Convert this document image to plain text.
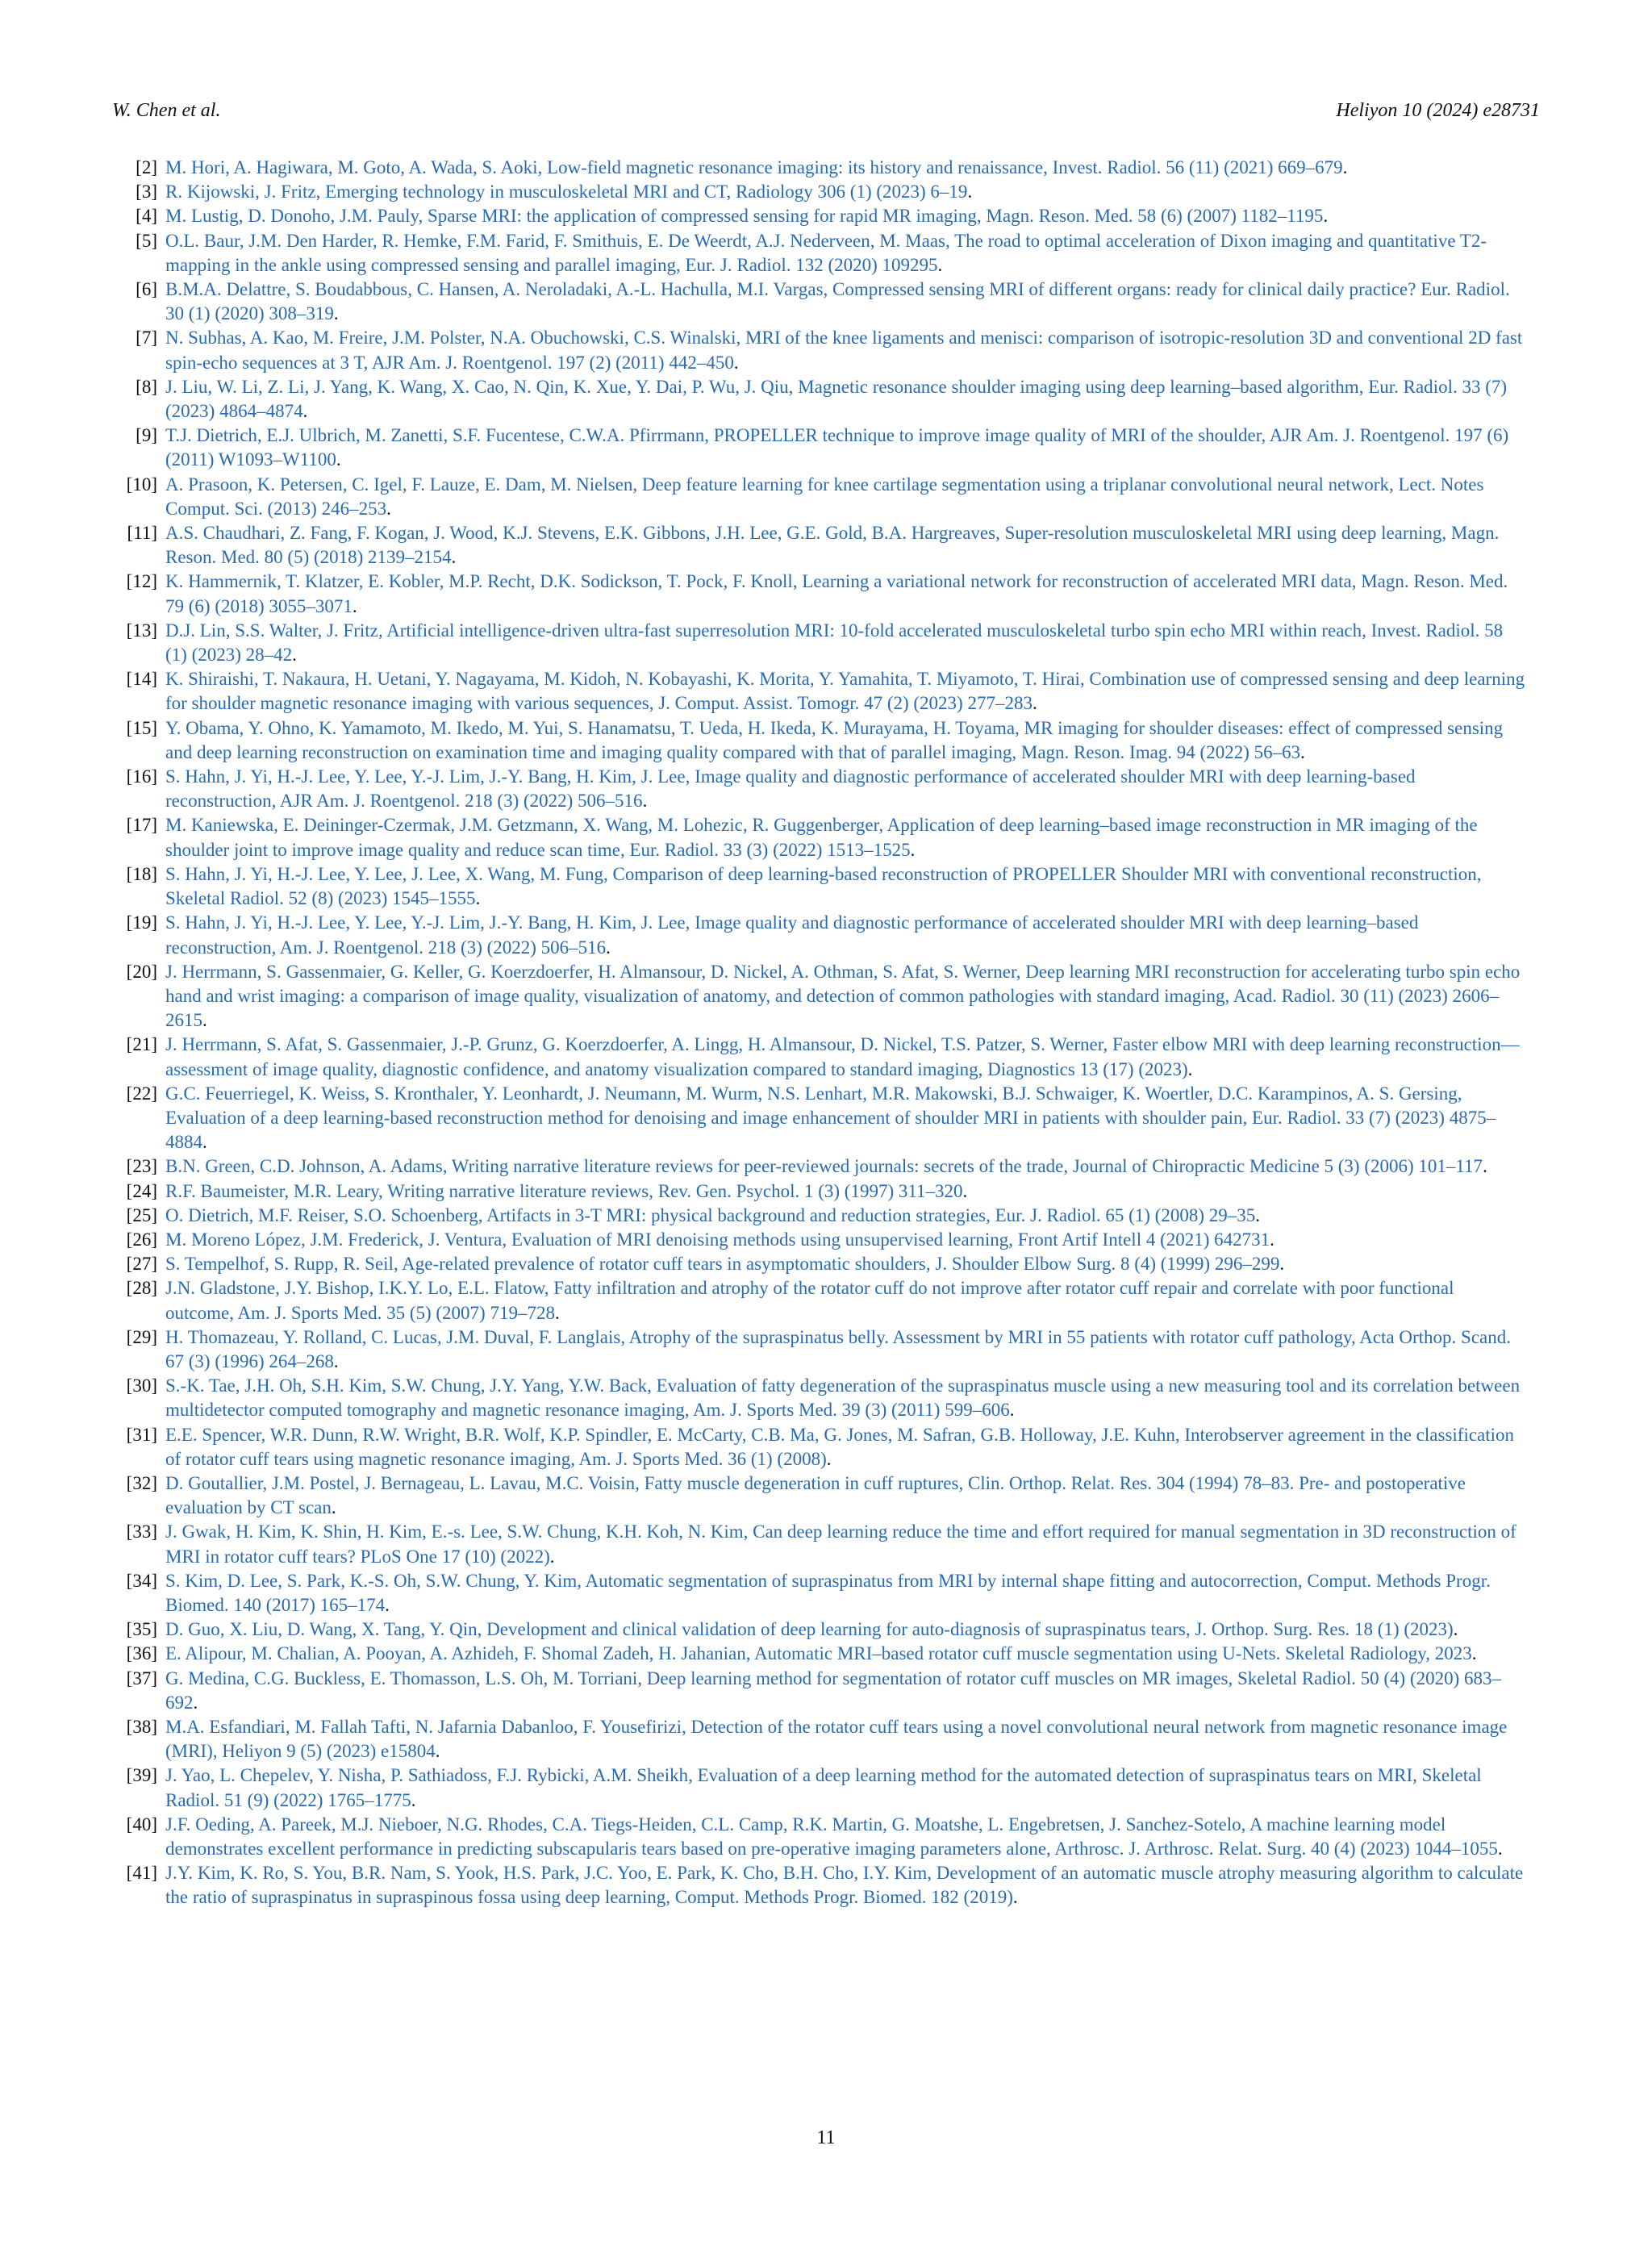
W. Chen et al.	Heliyon 10 (2024) e28731
[2] M. Hori, A. Hagiwara, M. Goto, A. Wada, S. Aoki, Low-field magnetic resonance imaging: its history and renaissance, Invest. Radiol. 56 (11) (2021) 669–679.
[3] R. Kijowski, J. Fritz, Emerging technology in musculoskeletal MRI and CT, Radiology 306 (1) (2023) 6–19.
[4] M. Lustig, D. Donoho, J.M. Pauly, Sparse MRI: the application of compressed sensing for rapid MR imaging, Magn. Reson. Med. 58 (6) (2007) 1182–1195.
[5] O.L. Baur, J.M. Den Harder, R. Hemke, F.M. Farid, F. Smithuis, E. De Weerdt, A.J. Nederveen, M. Maas, The road to optimal acceleration of Dixon imaging and quantitative T2-mapping in the ankle using compressed sensing and parallel imaging, Eur. J. Radiol. 132 (2020) 109295.
[6] B.M.A. Delattre, S. Boudabbous, C. Hansen, A. Neroladaki, A.-L. Hachulla, M.I. Vargas, Compressed sensing MRI of different organs: ready for clinical daily practice? Eur. Radiol. 30 (1) (2020) 308–319.
[7] N. Subhas, A. Kao, M. Freire, J.M. Polster, N.A. Obuchowski, C.S. Winalski, MRI of the knee ligaments and menisci: comparison of isotropic-resolution 3D and conventional 2D fast spin-echo sequences at 3 T, AJR Am. J. Roentgenol. 197 (2) (2011) 442–450.
[8] J. Liu, W. Li, Z. Li, J. Yang, K. Wang, X. Cao, N. Qin, K. Xue, Y. Dai, P. Wu, J. Qiu, Magnetic resonance shoulder imaging using deep learning–based algorithm, Eur. Radiol. 33 (7) (2023) 4864–4874.
[9] T.J. Dietrich, E.J. Ulbrich, M. Zanetti, S.F. Fucentese, C.W.A. Pfirrmann, PROPELLER technique to improve image quality of MRI of the shoulder, AJR Am. J. Roentgenol. 197 (6) (2011) W1093–W1100.
[10] A. Prasoon, K. Petersen, C. Igel, F. Lauze, E. Dam, M. Nielsen, Deep feature learning for knee cartilage segmentation using a triplanar convolutional neural network, Lect. Notes Comput. Sci. (2013) 246–253.
[11] A.S. Chaudhari, Z. Fang, F. Kogan, J. Wood, K.J. Stevens, E.K. Gibbons, J.H. Lee, G.E. Gold, B.A. Hargreaves, Super-resolution musculoskeletal MRI using deep learning, Magn. Reson. Med. 80 (5) (2018) 2139–2154.
[12] K. Hammernik, T. Klatzer, E. Kobler, M.P. Recht, D.K. Sodickson, T. Pock, F. Knoll, Learning a variational network for reconstruction of accelerated MRI data, Magn. Reson. Med. 79 (6) (2018) 3055–3071.
[13] D.J. Lin, S.S. Walter, J. Fritz, Artificial intelligence-driven ultra-fast superresolution MRI: 10-fold accelerated musculoskeletal turbo spin echo MRI within reach, Invest. Radiol. 58 (1) (2023) 28–42.
[14] K. Shiraishi, T. Nakaura, H. Uetani, Y. Nagayama, M. Kidoh, N. Kobayashi, K. Morita, Y. Yamahita, T. Miyamoto, T. Hirai, Combination use of compressed sensing and deep learning for shoulder magnetic resonance imaging with various sequences, J. Comput. Assist. Tomogr. 47 (2) (2023) 277–283.
[15] Y. Obama, Y. Ohno, K. Yamamoto, M. Ikedo, M. Yui, S. Hanamatsu, T. Ueda, H. Ikeda, K. Murayama, H. Toyama, MR imaging for shoulder diseases: effect of compressed sensing and deep learning reconstruction on examination time and imaging quality compared with that of parallel imaging, Magn. Reson. Imag. 94 (2022) 56–63.
[16] S. Hahn, J. Yi, H.-J. Lee, Y. Lee, Y.-J. Lim, J.-Y. Bang, H. Kim, J. Lee, Image quality and diagnostic performance of accelerated shoulder MRI with deep learning-based reconstruction, AJR Am. J. Roentgenol. 218 (3) (2022) 506–516.
[17] M. Kaniewska, E. Deininger-Czermak, J.M. Getzmann, X. Wang, M. Lohezic, R. Guggenberger, Application of deep learning–based image reconstruction in MR imaging of the shoulder joint to improve image quality and reduce scan time, Eur. Radiol. 33 (3) (2022) 1513–1525.
[18] S. Hahn, J. Yi, H.-J. Lee, Y. Lee, J. Lee, X. Wang, M. Fung, Comparison of deep learning-based reconstruction of PROPELLER Shoulder MRI with conventional reconstruction, Skeletal Radiol. 52 (8) (2023) 1545–1555.
[19] S. Hahn, J. Yi, H.-J. Lee, Y. Lee, Y.-J. Lim, J.-Y. Bang, H. Kim, J. Lee, Image quality and diagnostic performance of accelerated shoulder MRI with deep learning–based reconstruction, Am. J. Roentgenol. 218 (3) (2022) 506–516.
[20] J. Herrmann, S. Gassenmaier, G. Keller, G. Koerzdoerfer, H. Almansour, D. Nickel, A. Othman, S. Afat, S. Werner, Deep learning MRI reconstruction for accelerating turbo spin echo hand and wrist imaging: a comparison of image quality, visualization of anatomy, and detection of common pathologies with standard imaging, Acad. Radiol. 30 (11) (2023) 2606–2615.
[21] J. Herrmann, S. Afat, S. Gassenmaier, J.-P. Grunz, G. Koerzdoerfer, A. Lingg, H. Almansour, D. Nickel, T.S. Patzer, S. Werner, Faster elbow MRI with deep learning reconstruction—assessment of image quality, diagnostic confidence, and anatomy visualization compared to standard imaging, Diagnostics 13 (17) (2023).
[22] G.C. Feuerriegel, K. Weiss, S. Kronthaler, Y. Leonhardt, J. Neumann, M. Wurm, N.S. Lenhart, M.R. Makowski, B.J. Schwaiger, K. Woertler, D.C. Karampinos, A. S. Gersing, Evaluation of a deep learning-based reconstruction method for denoising and image enhancement of shoulder MRI in patients with shoulder pain, Eur. Radiol. 33 (7) (2023) 4875–4884.
[23] B.N. Green, C.D. Johnson, A. Adams, Writing narrative literature reviews for peer-reviewed journals: secrets of the trade, Journal of Chiropractic Medicine 5 (3) (2006) 101–117.
[24] R.F. Baumeister, M.R. Leary, Writing narrative literature reviews, Rev. Gen. Psychol. 1 (3) (1997) 311–320.
[25] O. Dietrich, M.F. Reiser, S.O. Schoenberg, Artifacts in 3-T MRI: physical background and reduction strategies, Eur. J. Radiol. 65 (1) (2008) 29–35.
[26] M. Moreno López, J.M. Frederick, J. Ventura, Evaluation of MRI denoising methods using unsupervised learning, Front Artif Intell 4 (2021) 642731.
[27] S. Tempelhof, S. Rupp, R. Seil, Age-related prevalence of rotator cuff tears in asymptomatic shoulders, J. Shoulder Elbow Surg. 8 (4) (1999) 296–299.
[28] J.N. Gladstone, J.Y. Bishop, I.K.Y. Lo, E.L. Flatow, Fatty infiltration and atrophy of the rotator cuff do not improve after rotator cuff repair and correlate with poor functional outcome, Am. J. Sports Med. 35 (5) (2007) 719–728.
[29] H. Thomazeau, Y. Rolland, C. Lucas, J.M. Duval, F. Langlais, Atrophy of the supraspinatus belly. Assessment by MRI in 55 patients with rotator cuff pathology, Acta Orthop. Scand. 67 (3) (1996) 264–268.
[30] S.-K. Tae, J.H. Oh, S.H. Kim, S.W. Chung, J.Y. Yang, Y.W. Back, Evaluation of fatty degeneration of the supraspinatus muscle using a new measuring tool and its correlation between multidetector computed tomography and magnetic resonance imaging, Am. J. Sports Med. 39 (3) (2011) 599–606.
[31] E.E. Spencer, W.R. Dunn, R.W. Wright, B.R. Wolf, K.P. Spindler, E. McCarty, C.B. Ma, G. Jones, M. Safran, G.B. Holloway, J.E. Kuhn, Interobserver agreement in the classification of rotator cuff tears using magnetic resonance imaging, Am. J. Sports Med. 36 (1) (2008).
[32] D. Goutallier, J.M. Postel, J. Bernageau, L. Lavau, M.C. Voisin, Fatty muscle degeneration in cuff ruptures, Clin. Orthop. Relat. Res. 304 (1994) 78–83. Pre- and postoperative evaluation by CT scan.
[33] J. Gwak, H. Kim, K. Shin, H. Kim, E.-s. Lee, S.W. Chung, K.H. Koh, N. Kim, Can deep learning reduce the time and effort required for manual segmentation in 3D reconstruction of MRI in rotator cuff tears? PLoS One 17 (10) (2022).
[34] S. Kim, D. Lee, S. Park, K.-S. Oh, S.W. Chung, Y. Kim, Automatic segmentation of supraspinatus from MRI by internal shape fitting and autocorrection, Comput. Methods Progr. Biomed. 140 (2017) 165–174.
[35] D. Guo, X. Liu, D. Wang, X. Tang, Y. Qin, Development and clinical validation of deep learning for auto-diagnosis of supraspinatus tears, J. Orthop. Surg. Res. 18 (1) (2023).
[36] E. Alipour, M. Chalian, A. Pooyan, A. Azhideh, F. Shomal Zadeh, H. Jahanian, Automatic MRI–based rotator cuff muscle segmentation using U-Nets. Skeletal Radiology, 2023.
[37] G. Medina, C.G. Buckless, E. Thomasson, L.S. Oh, M. Torriani, Deep learning method for segmentation of rotator cuff muscles on MR images, Skeletal Radiol. 50 (4) (2020) 683–692.
[38] M.A. Esfandiari, M. Fallah Tafti, N. Jafarnia Dabanloo, F. Yousefirizi, Detection of the rotator cuff tears using a novel convolutional neural network from magnetic resonance image (MRI), Heliyon 9 (5) (2023) e15804.
[39] J. Yao, L. Chepelev, Y. Nisha, P. Sathiadoss, F.J. Rybicki, A.M. Sheikh, Evaluation of a deep learning method for the automated detection of supraspinatus tears on MRI, Skeletal Radiol. 51 (9) (2022) 1765–1775.
[40] J.F. Oeding, A. Pareek, M.J. Nieboer, N.G. Rhodes, C.A. Tiegs-Heiden, C.L. Camp, R.K. Martin, G. Moatshe, L. Engebretsen, J. Sanchez-Sotelo, A machine learning model demonstrates excellent performance in predicting subscapularis tears based on pre-operative imaging parameters alone, Arthrosc. J. Arthrosc. Relat. Surg. 40 (4) (2023) 1044–1055.
[41] J.Y. Kim, K. Ro, S. You, B.R. Nam, S. Yook, H.S. Park, J.C. Yoo, E. Park, K. Cho, B.H. Cho, I.Y. Kim, Development of an automatic muscle atrophy measuring algorithm to calculate the ratio of supraspinatus in supraspinous fossa using deep learning, Comput. Methods Progr. Biomed. 182 (2019).
11
